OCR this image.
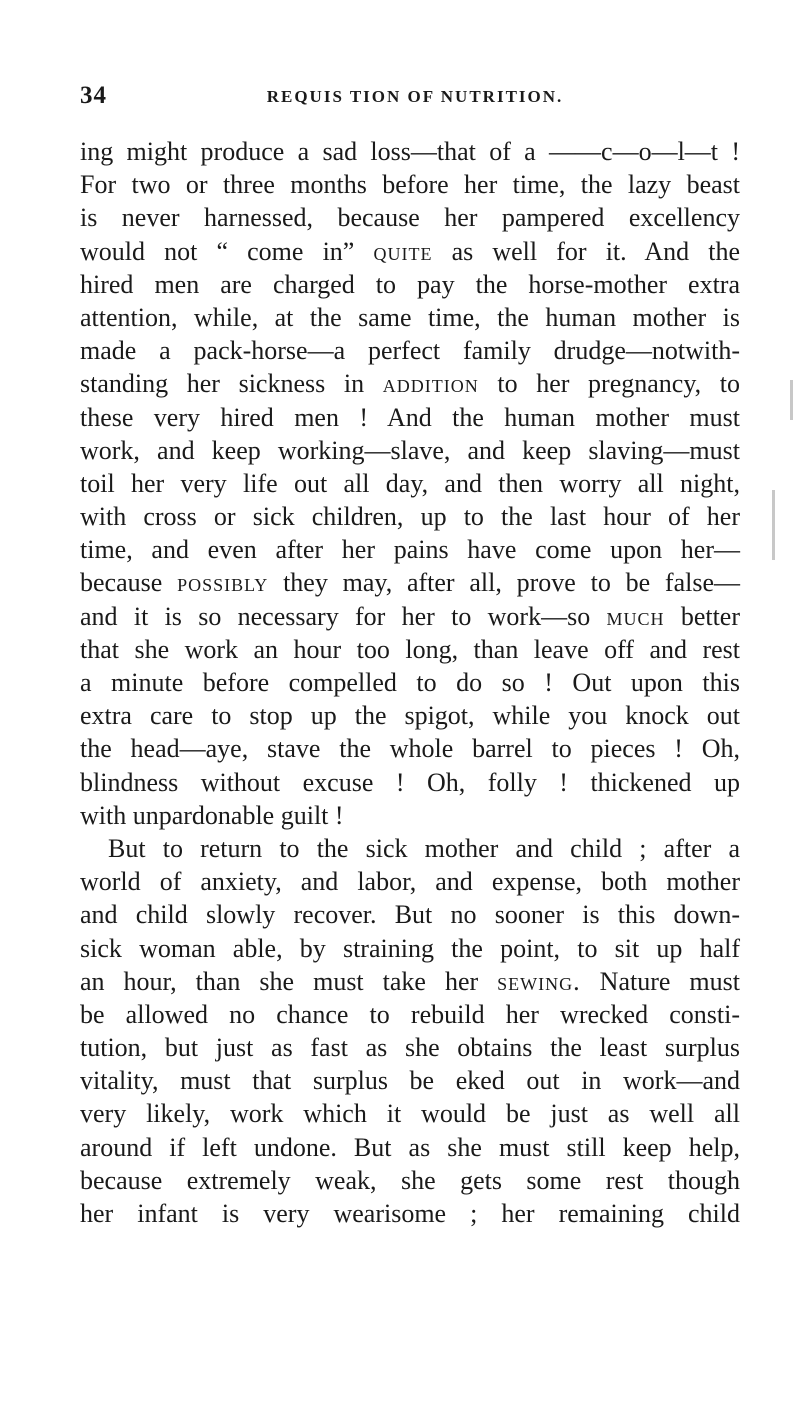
34	REQUIS TION OF NUTRITION.
ing might produce a sad loss—that of a ——c—o—l—t !
For two or three months before her time, the lazy beast
is never harnessed, because her pampered excellency
would not “ come in” quite as well for it. And the
hired men are charged to pay the horse-mother extra
attention, while, at the same time, the human mother is
made a pack-horse—a perfect family drudge—notwith-
standing her sickness in addition to her pregnancy, to
these very hired men ! And the human mother must
work, and keep working—slave, and keep slaving—must
toil her very life out all day, and then worry all night,
with cross or sick children, up to the last hour of her
time, and even after her pains have come upon her—
because possibly they may, after all, prove to be false—
and it is so necessary for her to work—so much better
that she work an hour too long, than leave off and rest
a minute before compelled to do so ! Out upon this
extra care to stop up the spigot, while you knock out
the head—aye, stave the whole barrel to pieces ! Oh,
blindness without excuse ! Oh, folly ! thickened up
with unpardonable guilt !
But to return to the sick mother and child ; after a
world of anxiety, and labor, and expense, both mother
and child slowly recover. But no sooner is this down-
sick woman able, by straining the point, to sit up half
an hour, than she must take her sewing. Nature must
be allowed no chance to rebuild her wrecked consti-
tution, but just as fast as she obtains the least surplus
vitality, must that surplus be eked out in work—and
very likely, work which it would be just as well all
around if left undone. But as she must still keep help,
because extremely weak, she gets some rest though
her infant is very wearisome ; her remaining child
